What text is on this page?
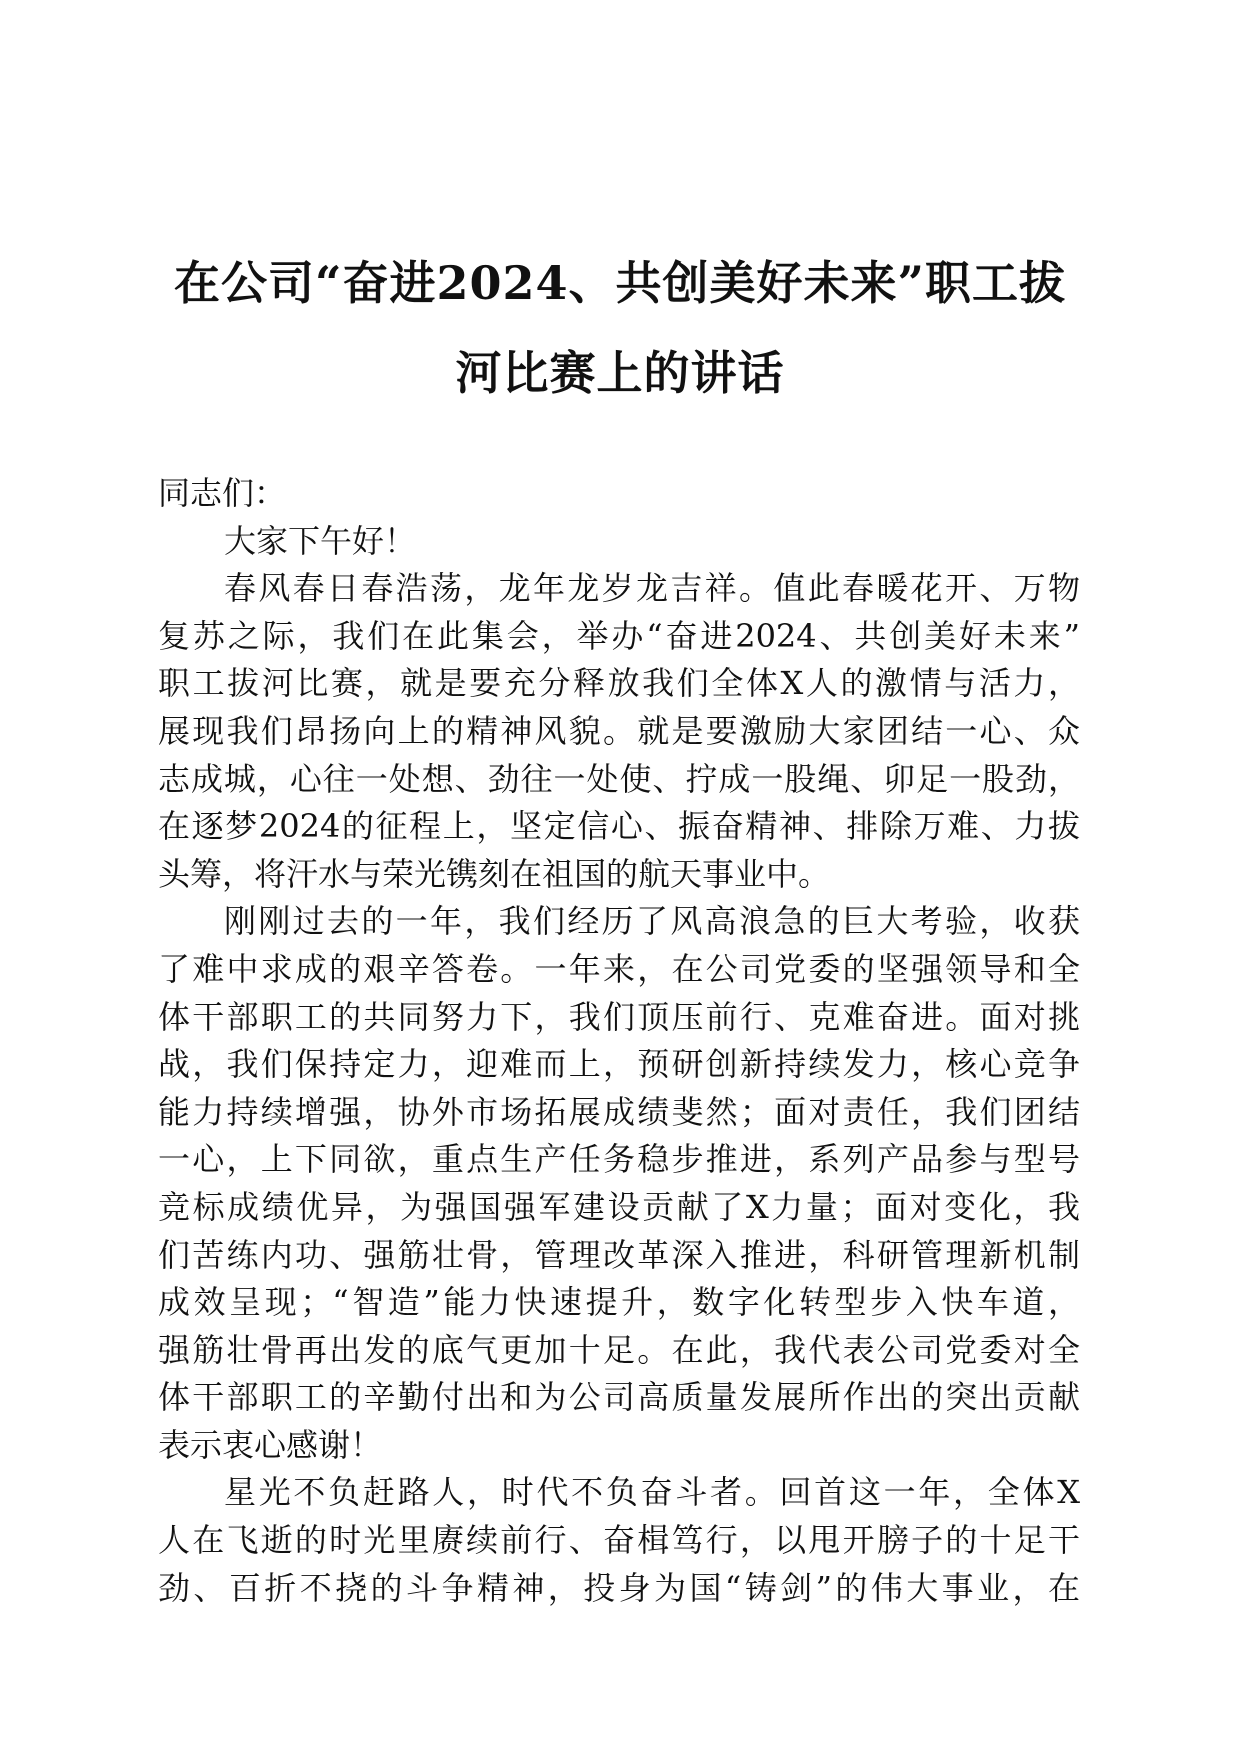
在公司“奋进2024、共创美好未来”职工拔
河比赛上的讲话
同志们：
大家下午好！
春风春日春浩荡，龙年龙岁龙吉祥。值此春暖花开、万物
复苏之际，我们在此集会，举办“奋进2024、共创美好未来”
职工拔河比赛，就是要充分释放我们全体X人的激情与活力，
展现我们昂扬向上的精神风貌。就是要激励大家团结一心、众
志成城，心往一处想、劲往一处使、拧成一股绳、卯足一股劲，
在逐梦2024的征程上，坚定信心、振奋精神、排除万难、力拔
头筹，将汗水与荣光镌刻在祖国的航天事业中。
刚刚过去的一年，我们经历了风高浪急的巨大考验，收获
了难中求成的艰辛答卷。一年来，在公司党委的坚强领导和全
体干部职工的共同努力下，我们顶压前行、克难奋进。面对挑
战，我们保持定力，迎难而上，预研创新持续发力，核心竞争
能力持续增强，协外市场拓展成绩斐然；面对责任，我们团结
一心，上下同欲，重点生产任务稳步推进，系列产品参与型号
竞标成绩优异，为强国强军建设贡献了X力量；面对变化，我
们苦练内功、强筋壮骨，管理改革深入推进，科研管理新机制
成效呈现；“智造”能力快速提升，数字化转型步入快车道，
强筋壮骨再出发的底气更加十足。在此，我代表公司党委对全
体干部职工的辛勤付出和为公司高质量发展所作出的突出贡献
表示衷心感谢！
星光不负赶路人，时代不负奋斗者。回首这一年，全体X
人在飞逝的时光里赓续前行、奋楫笃行，以甩开膀子的十足干
劲、百折不挠的斗争精神，投身为国“铸剑”的伟大事业，在
